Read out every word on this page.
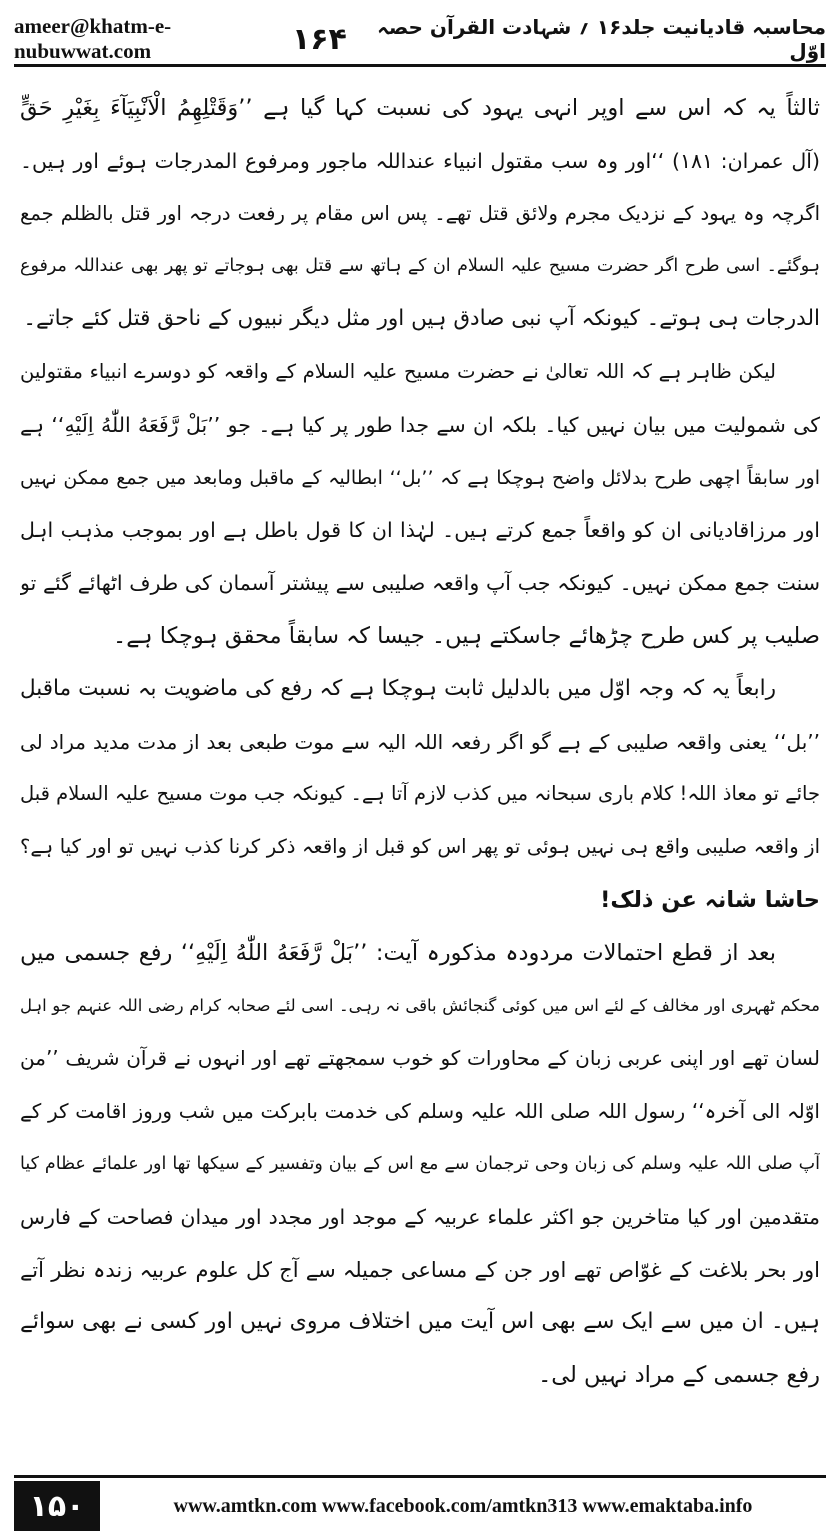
ameer@khatm-e-nubuwwat.com
محاسبہ قادیانیت جلد۱۶ ؍ شہادت القرآن حصہ اوّل
۱۶۴

ثالثاً یہ کہ اس سے اوپر انہی یہود کی نسبت کہا گیا ہے ’’وَقَتْلِهِمُ الْاَنْبِيَآءَ بِغَيْرِ حَقٍّ

(آل عمران: ۱۸۱) ‘‘اور وہ سب مقتول انبیاء عنداللہ ماجور ومرفوع المدرجات ہوئے اور ہیں۔

اگرچہ وہ یہود کے نزدیک مجرم ولائق قتل تھے۔ پس اس مقام پر رفعت درجہ اور قتل بالظلم جمع

ہوگئے۔ اسی طرح اگر حضرت مسیح علیہ السلام ان کے ہاتھ سے قتل بھی ہوجاتے تو پھر بھی عنداللہ مرفوع

الدرجات ہی ہوتے۔ کیونکہ آپ نبی صادق ہیں اور مثل دیگر نبیوں کے ناحق قتل کئے جاتے۔

لیکن ظاہر ہے کہ اللہ تعالیٰ نے حضرت مسیح علیہ السلام کے واقعہ کو دوسرے انبیاء مقتولین

کی شمولیت میں بیان نہیں کیا۔ بلکہ ان سے جدا طور پر کیا ہے۔ جو ’’بَلْ رَّفَعَهُ اللّٰهُ اِلَيْهِ‘‘ ہے

اور سابقاً اچھی طرح بدلائل واضح ہوچکا ہے کہ ’’بل‘‘ ابطالیہ کے ماقبل ومابعد میں جمع ممکن نہیں

اور مرزاقادیانی ان کو واقعاً جمع کرتے ہیں۔ لہٰذا ان کا قول باطل ہے اور بموجب مذہب اہل

سنت جمع ممکن نہیں۔ کیونکہ جب آپ واقعہ صلیبی سے پیشتر آسمان کی طرف اٹھائے گئے تو

صلیب پر کس طرح چڑھائے جاسکتے ہیں۔ جیسا کہ سابقاً محقق ہوچکا ہے۔

رابعاً یہ کہ وجہ اوّل میں بالدلیل ثابت ہوچکا ہے کہ رفع کی ماضویت بہ نسبت ماقبل

’’بل‘‘ یعنی واقعہ صلیبی کے ہے گو اگر رفعہ اللہ الیہ سے موت طبعی بعد از مدت مدید مراد لی

جائے تو معاذ اللہ! کلام باری سبحانہ میں کذب لازم آتا ہے۔ کیونکہ جب موت مسیح علیہ السلام قبل

از واقعہ صلیبی واقع ہی نہیں ہوئی تو پھر اس کو قبل از واقعہ ذکر کرنا کذب نہیں تو اور کیا ہے؟

حاشا شانہ عن ذلک!

بعد از قطع احتمالات مردودہ مذکورہ آیت: ’’بَلْ رَّفَعَهُ اللّٰهُ اِلَيْهِ‘‘ رفع جسمی میں

محکم ٹھہری اور مخالف کے لئے اس میں کوئی گنجائش باقی نہ رہی۔ اسی لئے صحابہ کرام رضی اللہ عنہم جو اہل

لسان تھے اور اپنی عربی زبان کے محاورات کو خوب سمجھتے تھے اور انہوں نے قرآن شریف ’’من

اوّلہ الی آخرہ‘‘ رسول اللہ صلی اللہ علیہ وسلم کی خدمت بابرکت میں شب وروز اقامت کر کے

آپ صلی اللہ علیہ وسلم کی زبان وحی ترجمان سے مع اس کے بیان وتفسیر کے سیکھا تھا اور علمائے عظام کیا

متقدمین اور کیا متاخرین جو اکثر علماء عربیہ کے موجد اور مجدد اور میدان فصاحت کے فارس

اور بحر بلاغت کے غوّاص تھے اور جن کے مساعی جمیلہ سے آج کل علوم عربیہ زندہ نظر آتے

ہیں۔ ان میں سے ایک سے بھی اس آیت میں اختلاف مروی نہیں اور کسی نے بھی سوائے

رفع جسمی کے مراد نہیں لی۔

۱۵۰	www.amtkn.com www.facebook.com/amtkn313 www.emaktaba.info
